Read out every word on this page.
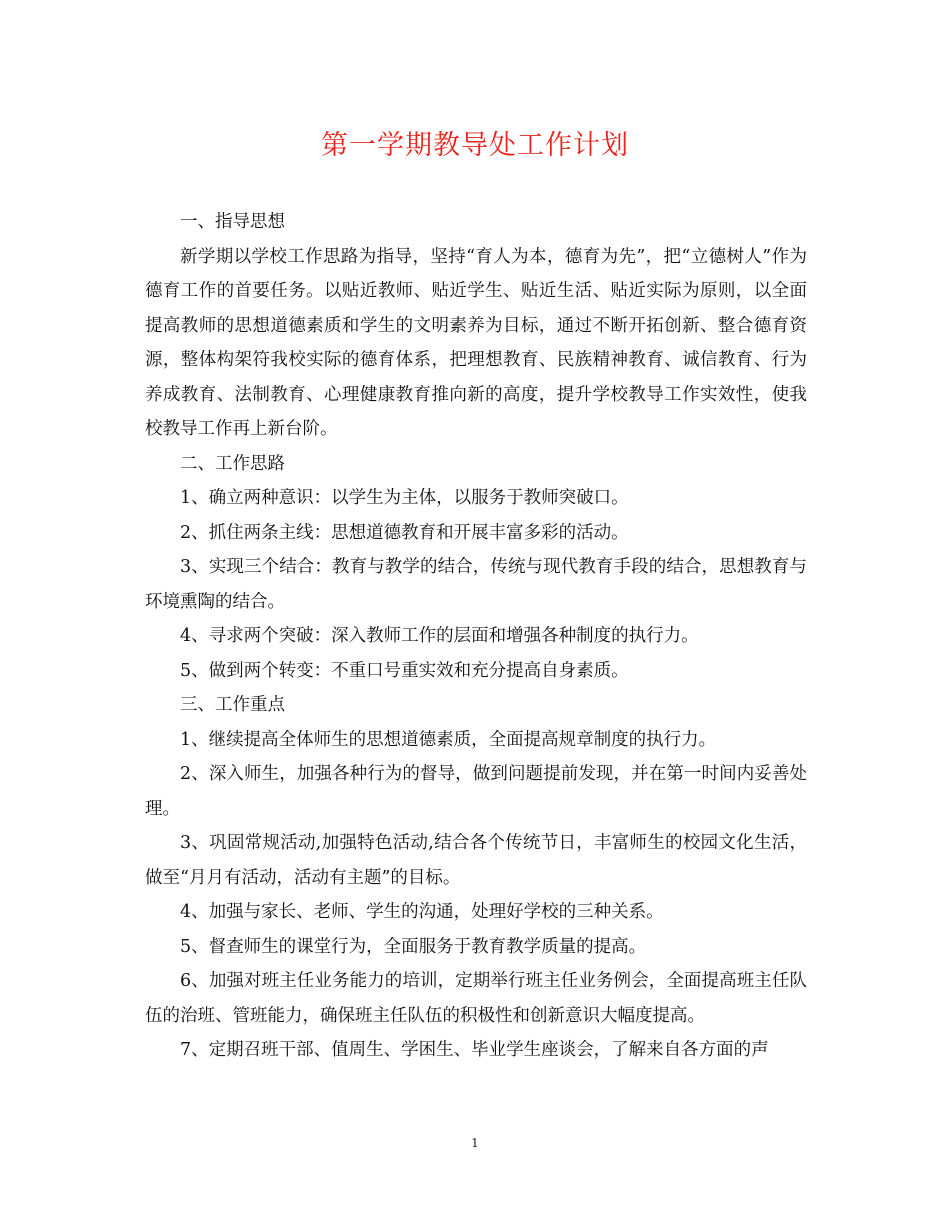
第一学期教导处工作计划

一、指导思想

新学期以学校工作思路为指导，坚持“育人为本，德育为先”，把“立德树人”作为德育工作的首要任务。以贴近教师、贴近学生、贴近生活、贴近实际为原则，以全面提高教师的思想道德素质和学生的文明素养为目标，通过不断开拓创新、整合德育资源，整体构架符我校实际的德育体系，把理想教育、民族精神教育、诚信教育、行为养成教育、法制教育、心理健康教育推向新的高度，提升学校教导工作实效性，使我校教导工作再上新台阶。

二、工作思路

1、确立两种意识：以学生为主体，以服务于教师突破口。

2、抓住两条主线：思想道德教育和开展丰富多彩的活动。

3、实现三个结合：教育与教学的结合，传统与现代教育手段的结合，思想教育与环境熏陶的结合。

4、寻求两个突破：深入教师工作的层面和增强各种制度的执行力。

5、做到两个转变：不重口号重实效和充分提高自身素质。

三、工作重点

1、继续提高全体师生的思想道德素质，全面提高规章制度的执行力。

2、深入师生，加强各种行为的督导，做到问题提前发现，并在第一时间内妥善处理。

3、巩固常规活动,加强特色活动,结合各个传统节日，丰富师生的校园文化生活，做至“月月有活动，活动有主题”的目标。

4、加强与家长、老师、学生的沟通，处理好学校的三种关系。

5、督查师生的课堂行为，全面服务于教育教学质量的提高。

6、加强对班主任业务能力的培训，定期举行班主任业务例会，全面提高班主任队伍的治班、管班能力，确保班主任队伍的积极性和创新意识大幅度提高。

7、定期召班干部、值周生、学困生、毕业学生座谈会，了解来自各方面的声

1
